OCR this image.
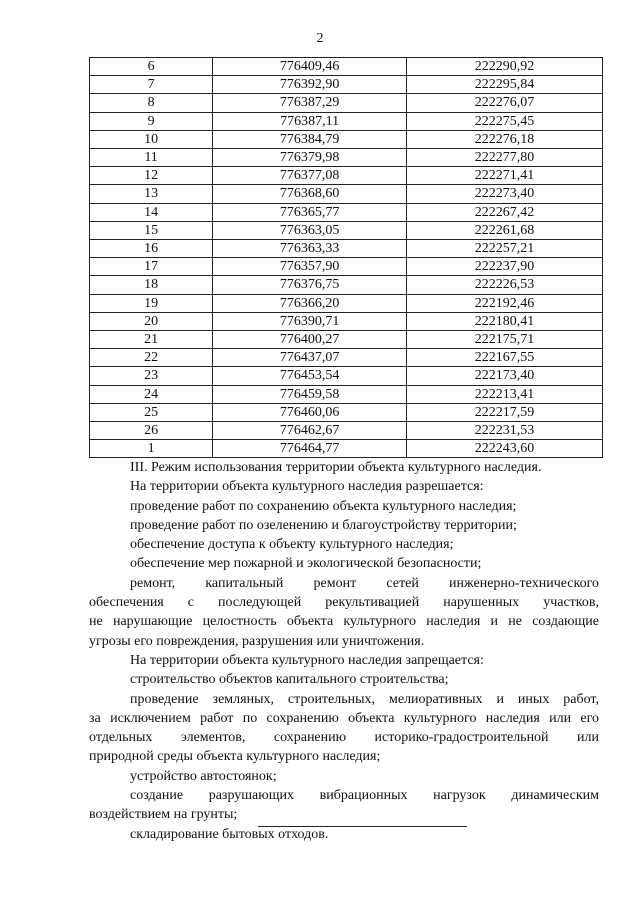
2
6	776409,46	222290,92
7	776392,90	222295,84
8	776387,29	222276,07
9	776387,11	222275,45
10	776384,79	222276,18
11	776379,98	222277,80
12	776377,08	222271,41
13	776368,60	222273,40
14	776365,77	222267,42
15	776363,05	222261,68
16	776363,33	222257,21
17	776357,90	222237,90
18	776376,75	222226,53
19	776366,20	222192,46
20	776390,71	222180,41
21	776400,27	222175,71
22	776437,07	222167,55
23	776453,54	222173,40
24	776459,58	222213,41
25	776460,06	222217,59
26	776462,67	222231,53
1	776464,77	222243,60

III. Режим использования территории объекта культурного наследия.

На территории объекта культурного наследия разрешается:

проведение работ по сохранению объекта культурного наследия;

проведение работ по озеленению и благоустройству территории;

обеспечение доступа к объекту культурного наследия;

обеспечение мер пожарной и экологической безопасности;

ремонт, капитальный ремонт сетей инженерно-технического

обеспечения с последующей рекультивацией нарушенных участков,

не нарушающие целостность объекта культурного наследия и не создающие

угрозы его повреждения, разрушения или уничтожения.

На территории объекта культурного наследия запрещается:

строительство объектов капитального строительства;

проведение земляных, строительных, мелиоративных и иных работ,

за исключением работ по сохранению объекта культурного наследия или его

отдельных элементов, сохранению историко-градостроительной или

природной среды объекта культурного наследия;

устройство автостоянок;

создание разрушающих вибрационных нагрузок динамическим

воздействием на грунты;

складирование бытовых отходов.
